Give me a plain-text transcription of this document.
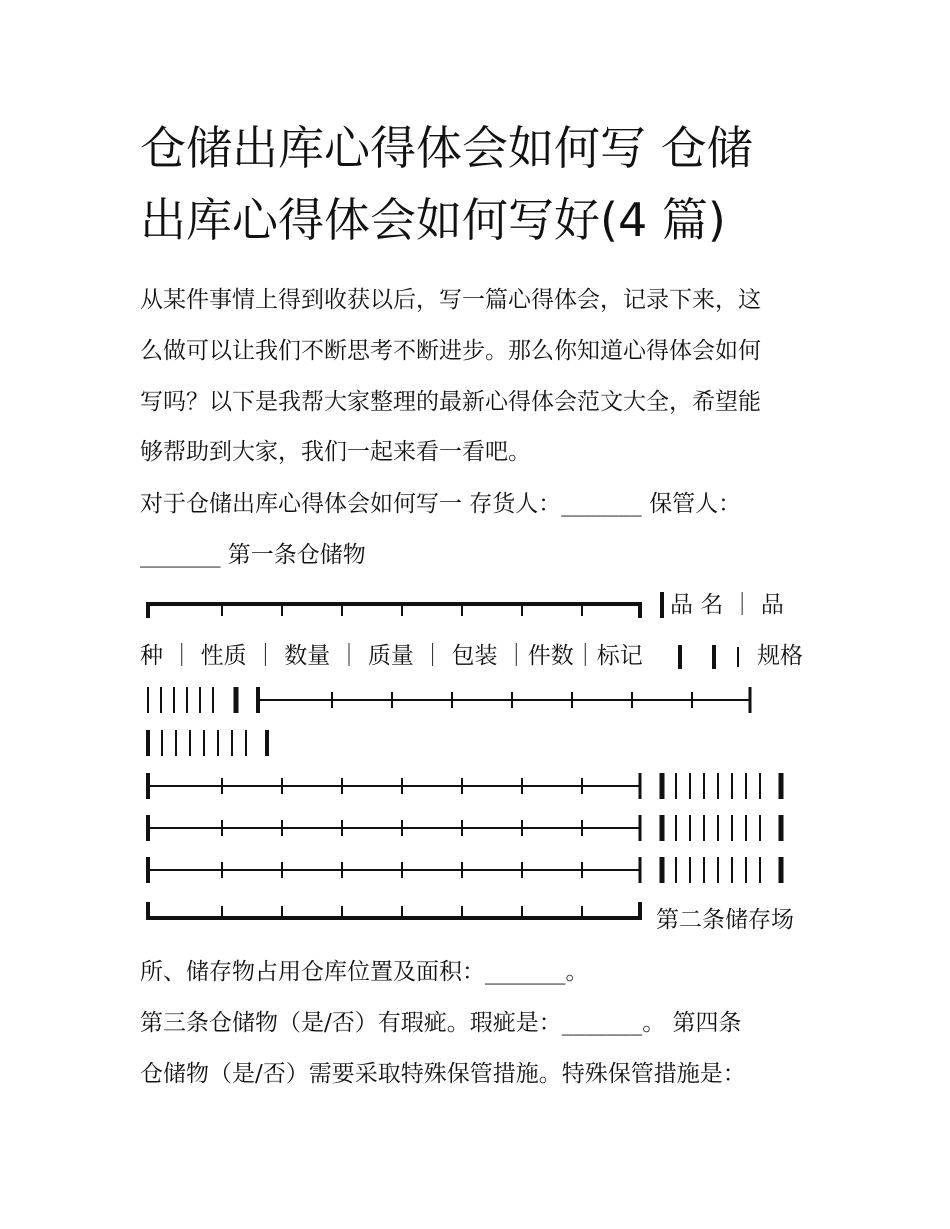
仓储出库心得体会如何写 仓储
出库心得体会如何写好(4 篇)
从某件事情上得到收获以后，写一篇心得体会，记录下来，这
么做可以让我们不断思考不断进步。那么你知道心得体会如何
写吗？以下是我帮大家整理的最新心得体会范文大全，希望能
够帮助到大家，我们一起来看一看吧。
对于仓储出库心得体会如何写一 存货人：_______ 保管人：
_______ 第一条仓储物
品 名 ｜ 品
种 ｜ 性质 ｜ 数量 ｜ 质量 ｜ 包装 ｜件数｜标记	规格
第二条储存场
所、储存物占用仓库位置及面积：_______。
第三条仓储物（是/否）有瑕疵。瑕疵是：_______。 第四条
仓储物（是/否）需要采取特殊保管措施。特殊保管措施是：
